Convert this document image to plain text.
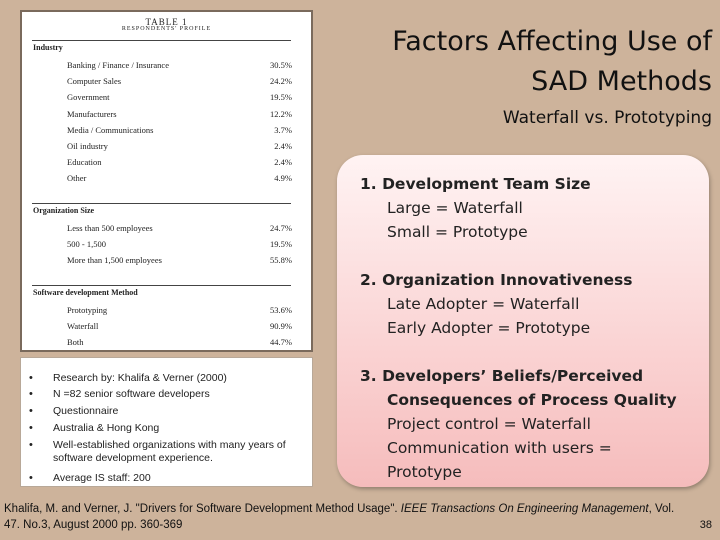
TABLE 1
RESPONDENTS' PROFILE
Industry
Banking / Finance / Insurance	30.5%
Computer Sales	24.2%
Government	19.5%
Manufacturers	12.2%
Media / Communications	3.7%
Oil industry	2.4%
Education	2.4%
Other	4.9%
Organization Size
Less than 500 employees	24.7%
500 - 1,500	19.5%
More than 1,500 employees	55.8%
Software development Method
Prototyping	53.6%
Waterfall	90.9%
Both	44.7%
Factors Affecting Use of
SAD Methods
Waterfall vs. Prototyping
1. Development Team Size
Large = Waterfall
Small = Prototype
2. Organization Innovativeness
Late Adopter = Waterfall
Early Adopter = Prototype
3. Developers’ Beliefs/Perceived
Consequences of Process Quality
Project control = Waterfall
Communication with users =
Prototype
• Research by: Khalifa & Verner (2000)
• N =82 senior software developers
• Questionnaire
• Australia & Hong Kong
• Well-established organizations with many years of software development experience.
• Average IS staff: 200
Khalifa, M. and Verner, J. "Drivers for Software Development Method Usage". IEEE Transactions On Engineering Management, Vol. 47. No.3, August 2000 pp. 360-369	38
